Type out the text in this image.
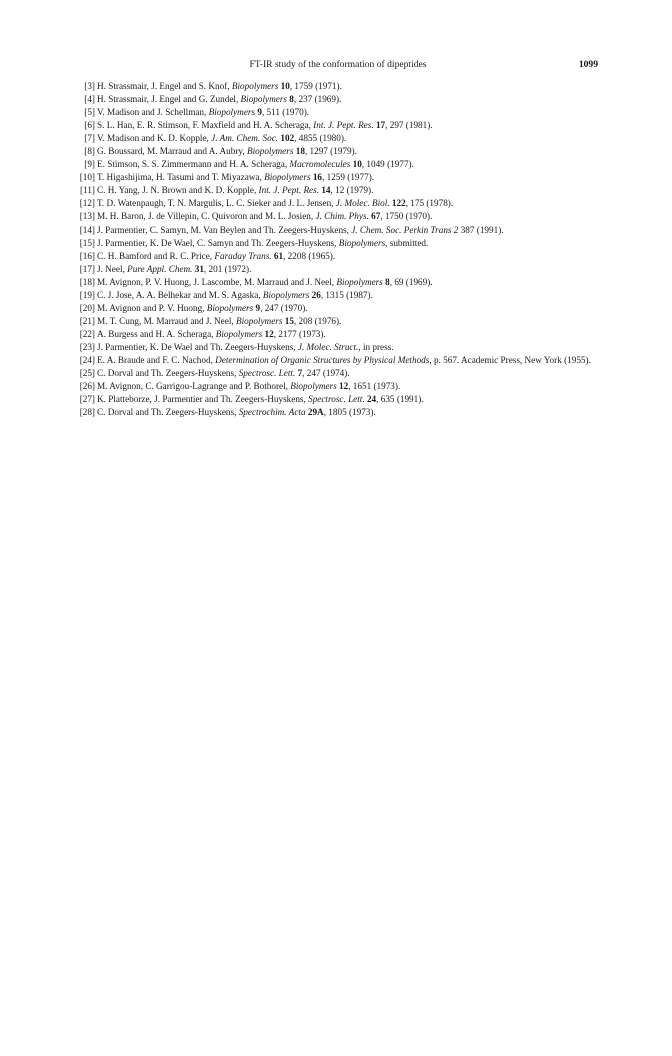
FT-IR study of the conformation of dipeptides	1099
[3] H. Strassmair, J. Engel and S. Knof, Biopolymers 10, 1759 (1971).
[4] H. Strassmair, J. Engel and G. Zundel, Biopolymers 8, 237 (1969).
[5] V. Madison and J. Schellman, Biopolymers 9, 511 (1970).
[6] S. L. Han, E. R. Stimson, F. Maxfield and H. A. Scheraga, Int. J. Pept. Res. 17, 297 (1981).
[7] V. Madison and K. D. Kopple, J. Am. Chem. Soc. 102, 4855 (1980).
[8] G. Boussard, M. Marraud and A. Aubry, Biopolymers 18, 1297 (1979).
[9] E. Stimson, S. S. Zimmermann and H. A. Scheraga, Macromolecules 10, 1049 (1977).
[10] T. Higashijima, H. Tasumi and T. Miyazawa, Biopolymers 16, 1259 (1977).
[11] C. H. Yang, J. N. Brown and K. D. Kopple, Int. J. Pept. Res. 14, 12 (1979).
[12] T. D. Watenpaugh, T. N. Margulis, L. C. Sieker and J. L. Jensen, J. Molec. Biol. 122, 175 (1978).
[13] M. H. Baron, J. de Villepin, C. Quivoron and M. L. Josien, J. Chim. Phys. 67, 1750 (1970).
[14] J. Parmentier, C. Samyn, M. Van Beylen and Th. Zeegers-Huyskens, J. Chem. Soc. Perkin Trans 2 387 (1991).
[15] J. Parmentier, K. De Wael, C. Samyn and Th. Zeegers-Huyskens, Biopolymers, submitted.
[16] C. H. Bamford and R. C. Price, Faraday Trans. 61, 2208 (1965).
[17] J. Neel, Pure Appl. Chem. 31, 201 (1972).
[18] M. Avignon, P. V. Huong, J. Lascombe, M. Marraud and J. Neel, Biopolymers 8, 69 (1969).
[19] C. J. Jose, A. A. Belhekar and M. S. Agaska, Biopolymers 26, 1315 (1987).
[20] M. Avignon and P. V. Huong, Biopolymers 9, 247 (1970).
[21] M. T. Cung, M. Marraud and J. Neel, Biopolymers 15, 208 (1976).
[22] A. Burgess and H. A. Scheraga, Biopolymers 12, 2177 (1973).
[23] J. Parmentier, K. De Wael and Th. Zeegers-Huyskens, J. Molec. Struct., in press.
[24] E. A. Braude and F. C. Nachod, Determination of Organic Structures by Physical Methods, p. 567. Academic Press, New York (1955).
[25] C. Dorval and Th. Zeegers-Huyskens, Spectrosc. Lett. 7, 247 (1974).
[26] M. Avignon, C. Garrigou-Lagrange and P. Bothorel, Biopolymers 12, 1651 (1973).
[27] K. Platteborze, J. Parmentier and Th. Zeegers-Huyskens, Spectrosc. Lett. 24, 635 (1991).
[28] C. Dorval and Th. Zeegers-Huyskens, Spectrochim. Acta 29A, 1805 (1973).
